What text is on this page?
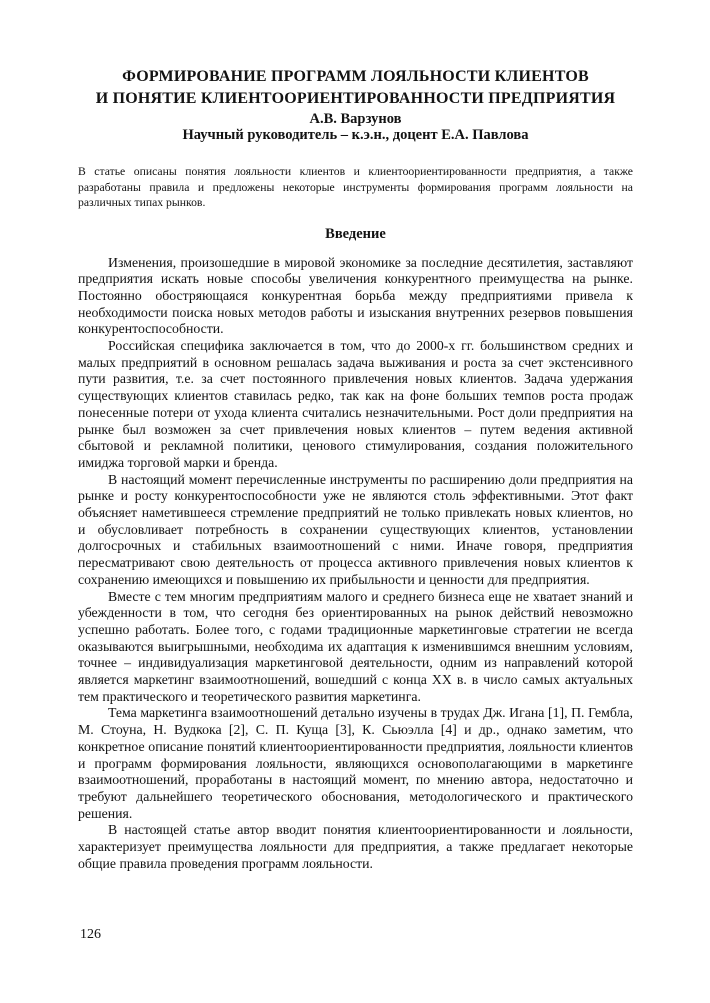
ФОРМИРОВАНИЕ ПРОГРАММ ЛОЯЛЬНОСТИ КЛИЕНТОВ
И ПОНЯТИЕ КЛИЕНТООРИЕНТИРОВАННОСТИ ПРЕДПРИЯТИЯ
А.В. Варзунов
Научный руководитель – к.э.н., доцент Е.А. Павлова
В статье описаны понятия лояльности клиентов и клиентоориентированности предприятия, а также разработаны правила и предложены некоторые инструменты формирования программ лояльности на различных типах рынков.
Введение

Изменения, произошедшие в мировой экономике за последние десятилетия, заставляют предприятия искать новые способы увеличения конкурентного преимущества на рынке. Постоянно обостряющаяся конкурентная борьба между предприятиями привела к необходимости поиска новых методов работы и изыскания внутренних резервов повышения конкурентоспособности.

Российская специфика заключается в том, что до 2000-х гг. большинством средних и малых предприятий в основном решалась задача выживания и роста за счет экстенсивного пути развития, т.е. за счет постоянного привлечения новых клиентов. Задача удержания существующих клиентов ставилась редко, так как на фоне больших темпов роста продаж понесенные потери от ухода клиента считались незначительными. Рост доли предприятия на рынке был возможен за счет привлечения новых клиентов – путем ведения активной сбытовой и рекламной политики, ценового стимулирования, создания положительного имиджа торговой марки и бренда.

В настоящий момент перечисленные инструменты по расширению доли предприятия на рынке и росту конкурентоспособности уже не являются столь эффективными. Этот факт объясняет наметившееся стремление предприятий не только привлекать новых клиентов, но и обусловливает потребность в сохранении существующих клиентов, установлении долгосрочных и стабильных взаимоотношений с ними. Иначе говоря, предприятия пересматривают свою деятельность от процесса активного привлечения новых клиентов к сохранению имеющихся и повышению их прибыльности и ценности для предприятия.

Вместе с тем многим предприятиям малого и среднего бизнеса еще не хватает знаний и убежденности в том, что сегодня без ориентированных на рынок действий невозможно успешно работать. Более того, с годами традиционные маркетинговые стратегии не всегда оказываются выигрышными, необходима их адаптация к изменившимся внешним условиям, точнее – индивидуализация маркетинговой деятельности, одним из направлений которой является маркетинг взаимоотношений, вошедший с конца XX в. в число самых актуальных тем практического и теоретического развития маркетинга.

Тема маркетинга взаимоотношений детально изучены в трудах Дж. Игана [1], П. Гембла, М. Стоуна, Н. Вудкока [2], С. П. Куща [3], К. Сьюэлла [4] и др., однако заметим, что конкретное описание понятий клиентоориентированности предприятия, лояльности клиентов и программ формирования лояльности, являющихся основополагающими в маркетинге взаимоотношений, проработаны в настоящий момент, по мнению автора, недостаточно и требуют дальнейшего теоретического обоснования, методологического и практического решения.

В настоящей статье автор вводит понятия клиентоориентированности и лояльности, характеризует преимущества лояльности для предприятия, а также предлагает некоторые общие правила проведения программ лояльности.

126
